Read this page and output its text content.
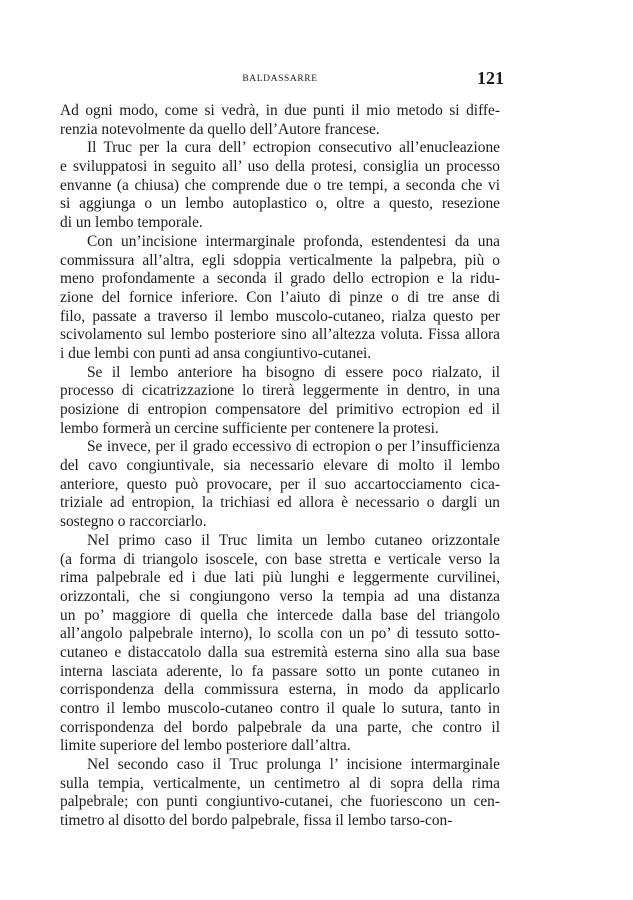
BALDASSARRE	121
Ad ogni modo, come si vedrà, in due punti il mio metodo si diffe-
renzia notevolmente da quello dell’Autore francese.
Il Truc per la cura dell’ ectropion consecutivo all’enucleazione
e sviluppatosi in seguito all’ uso della protesi, consiglia un processo
envanne (a chiusa) che comprende due o tre tempi, a seconda che vi
si aggiunga o un lembo autoplastico o, oltre a questo, resezione
di un lembo temporale.
Con un’incisione intermarginale profonda, estendentesi da una
commissura all’altra, egli sdoppia verticalmente la palpebra, più o
meno profondamente a seconda il grado dello ectropion e la ridu-
zione del fornice inferiore. Con l’aiuto di pinze o di tre anse di
filo, passate a traverso il lembo muscolo-cutaneo, rialza questo per
scivolamento sul lembo posteriore sino all’altezza voluta. Fissa allora
i due lembi con punti ad ansa congiuntivo-cutanei.
Se il lembo anteriore ha bisogno di essere poco rialzato, il
processo di cicatrizzazione lo tirerà leggermente in dentro, in una
posizione di entropion compensatore del primitivo ectropion ed il
lembo formerà un cercine sufficiente per contenere la protesi.
Se invece, per il grado eccessivo di ectropion o per l’insufficienza
del cavo congiuntivale, sia necessario elevare di molto il lembo
anteriore, questo può provocare, per il suo accartocciamento cica-
triziale ad entropion, la trichiasi ed allora è necessario o dargli un
sostegno o raccorciarlo.
Nel primo caso il Truc limita un lembo cutaneo orizzontale
(a forma di triangolo isoscele, con base stretta e verticale verso la
rima palpebrale ed i due lati più lunghi e leggermente curvilinei,
orizzontali, che si congiungono verso la tempia ad una distanza
un po’ maggiore di quella che intercede dalla base del triangolo
all’angolo palpebrale interno), lo scolla con un po’ di tessuto sotto-
cutaneo e distaccatolo dalla sua estremità esterna sino alla sua base
interna lasciata aderente, lo fa passare sotto un ponte cutaneo in
corrispondenza della commissura esterna, in modo da applicarlo
contro il lembo muscolo-cutaneo contro il quale lo sutura, tanto in
corrispondenza del bordo palpebrale da una parte, che contro il
limite superiore del lembo posteriore dall’altra.
Nel secondo caso il Truc prolunga l’ incisione intermarginale
sulla tempia, verticalmente, un centimetro al di sopra della rima
palpebrale; con punti congiuntivo-cutanei, che fuoriescono un cen-
timetro al disotto del bordo palpebrale, fissa il lembo tarso-con-
